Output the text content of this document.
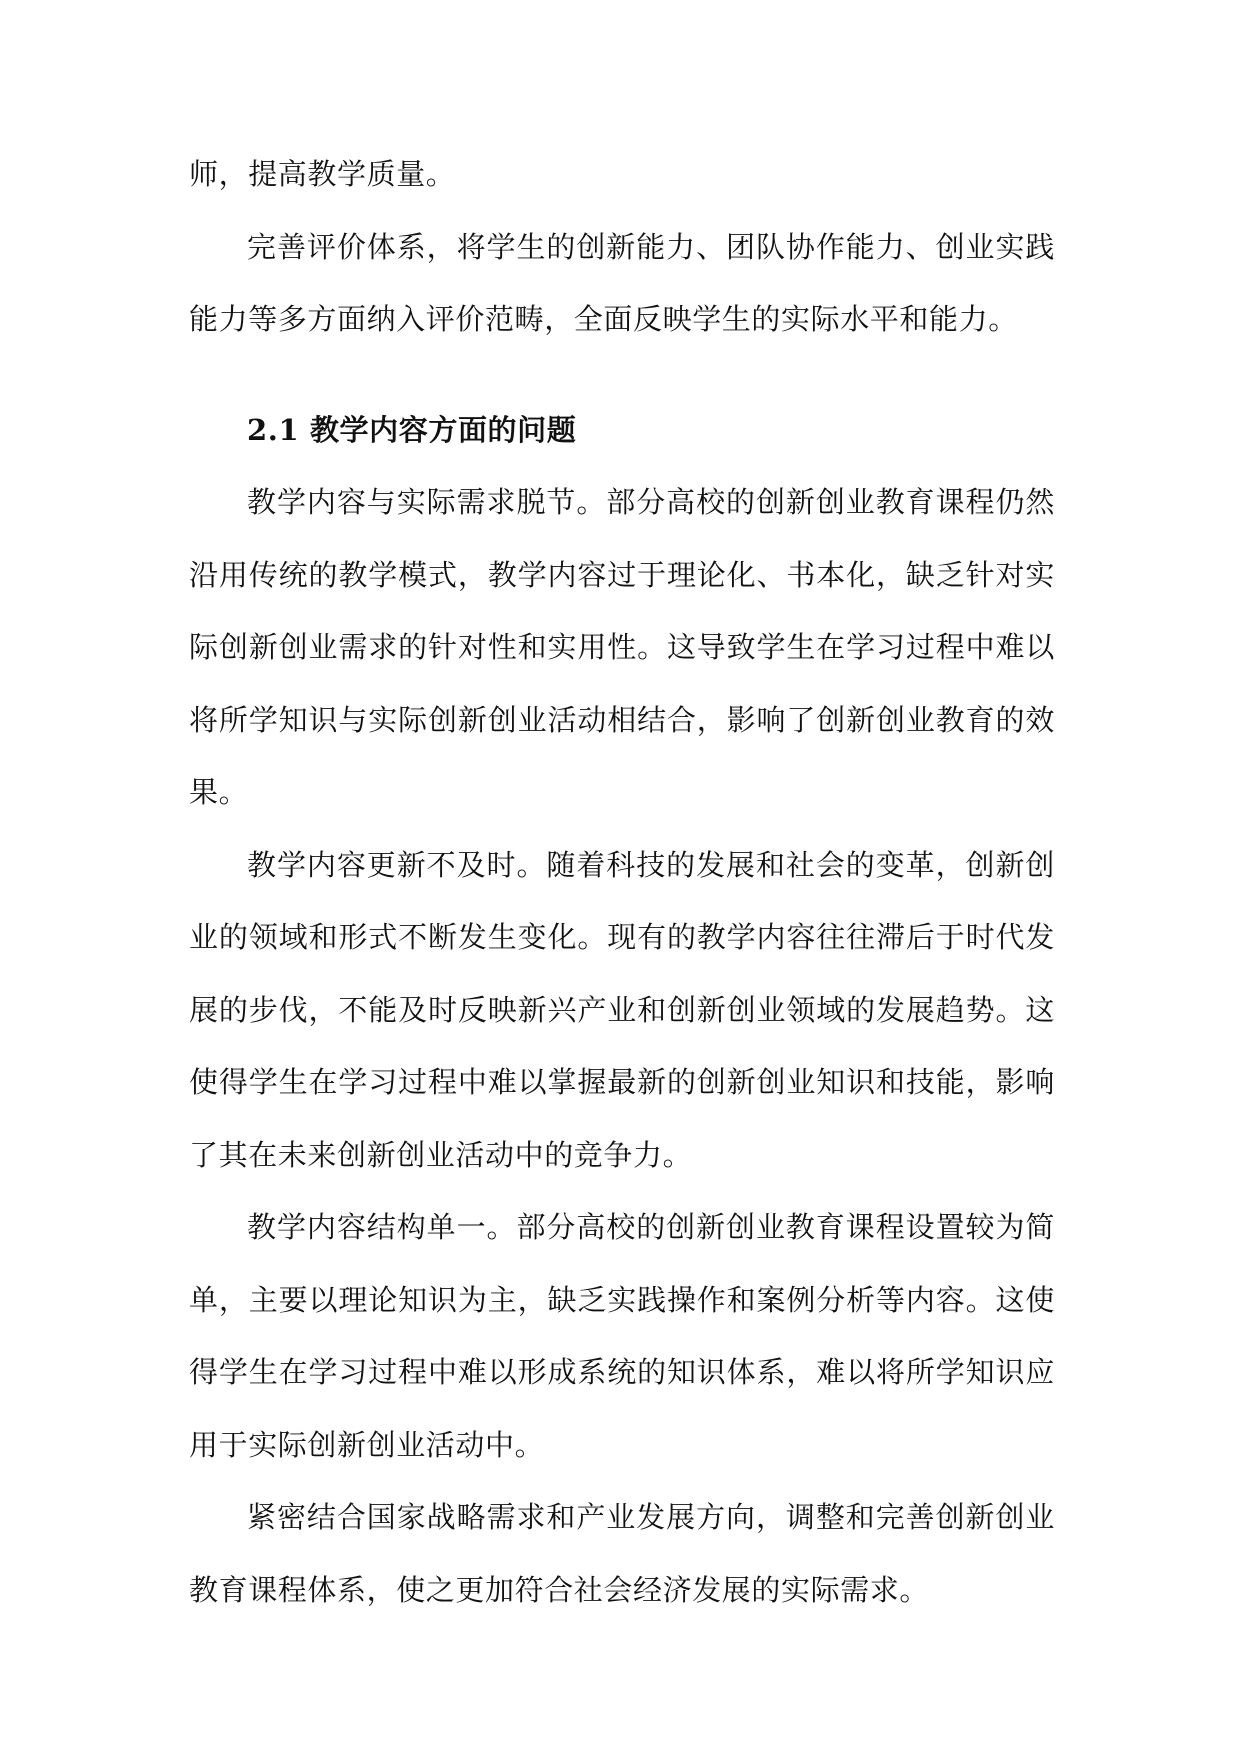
师，提高教学质量。

完善评价体系，将学生的创新能力、团队协作能力、创业实践能力等多方面纳入评价范畴，全面反映学生的实际水平和能力。

2.1 教学内容方面的问题

教学内容与实际需求脱节。部分高校的创新创业教育课程仍然沿用传统的教学模式，教学内容过于理论化、书本化，缺乏针对实际创新创业需求的针对性和实用性。这导致学生在学习过程中难以将所学知识与实际创新创业活动相结合，影响了创新创业教育的效果。

教学内容更新不及时。随着科技的发展和社会的变革，创新创业的领域和形式不断发生变化。现有的教学内容往往滞后于时代发展的步伐，不能及时反映新兴产业和创新创业领域的发展趋势。这使得学生在学习过程中难以掌握最新的创新创业知识和技能，影响了其在未来创新创业活动中的竞争力。

教学内容结构单一。部分高校的创新创业教育课程设置较为简单，主要以理论知识为主，缺乏实践操作和案例分析等内容。这使得学生在学习过程中难以形成系统的知识体系，难以将所学知识应用于实际创新创业活动中。

紧密结合国家战略需求和产业发展方向，调整和完善创新创业教育课程体系，使之更加符合社会经济发展的实际需求。
